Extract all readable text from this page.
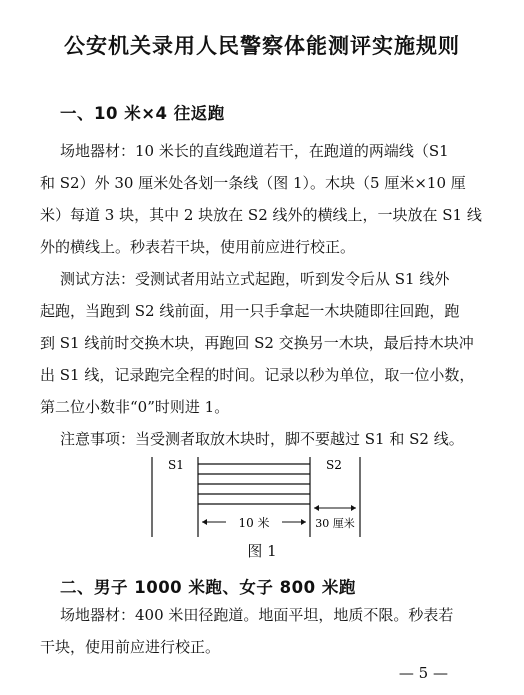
公安机关录用人民警察体能测评实施规则
一、10 米×4 往返跑
场地器材：10 米长的直线跑道若干，在跑道的两端线（S1
和 S2）外 30 厘米处各划一条线（图 1）。木块（5 厘米×10 厘
米）每道 3 块，其中 2 块放在 S2 线外的横线上，一块放在 S1 线
外的横线上。秒表若干块，使用前应进行校正。
测试方法：受测试者用站立式起跑，听到发令后从 S1 线外
起跑，当跑到 S2 线前面，用一只手拿起一木块随即往回跑，跑
到 S1 线前时交换木块，再跑回 S2 交换另一木块，最后持木块冲
出 S1 线，记录跑完全程的时间。记录以秒为单位，取一位小数，
第二位小数非“0”时则进 1。
注意事项：当受测者取放木块时，脚不要越过 S1 和 S2 线。
S1	S2
10 米	30 厘米
图 1
二、男子 1000 米跑、女子 800 米跑
场地器材：400 米田径跑道。地面平坦，地质不限。秒表若
干块，使用前应进行校正。
— 5 —
